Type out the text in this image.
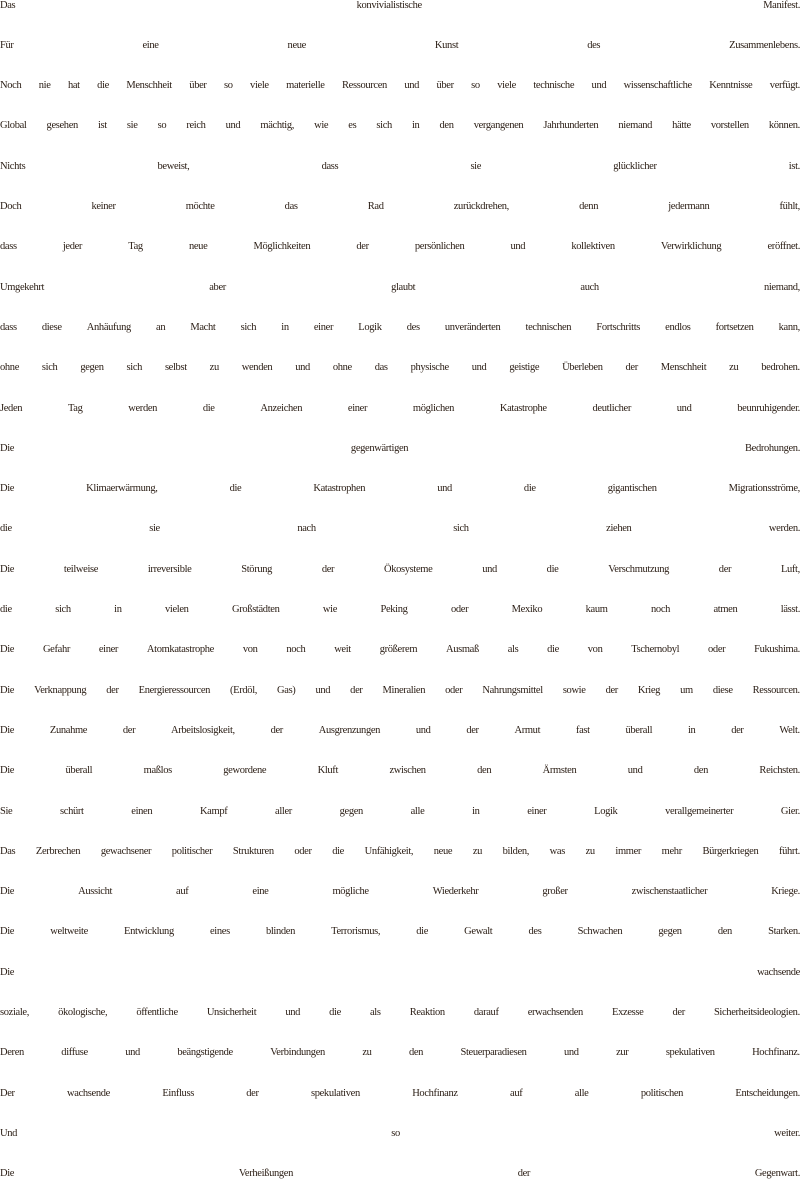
Das	konvivialistische	Manifest.
Für	eine	neue	Kunst	des	Zusammenlebens.
Noch nie hat die Menschheit über so viele materielle Ressourcen und über so viele technische und wissenschaftliche Kenntnisse verfügt.
Global gesehen ist sie so reich und mächtig, wie es sich in den vergangenen Jahrhunderten niemand hätte vorstellen können.
Nichts	beweist,	dass	sie	glücklicher	ist.
Doch	keiner	möchte	das	Rad	zurückdrehen,	denn	jedermann	fühlt,
dass	jeder	Tag	neue	Möglichkeiten	der	persönlichen	und	kollektiven	Verwirklichung	eröffnet.
Umgekehrt	aber	glaubt	auch	niemand,
dass diese Anhäufung an Macht sich in einer Logik des unveränderten technischen Fortschritts endlos fortsetzen kann,
ohne sich gegen sich selbst zu wenden und ohne das physische und geistige Überleben der Menschheit zu bedrohen.
Jeden	Tag	werden	die	Anzeichen	einer	möglichen	Katastrophe	deutlicher	und	beunruhigender.
Die	gegenwärtigen	Bedrohungen.
Die	Klimaerwärmung,	die	Katastrophen	und	die	gigantischen	Migrationsströme,
die	sie	nach	sich	ziehen	werden.
Die	teilweise	irreversible	Störung	der	Ökosysteme	und	die	Verschmutzung	der	Luft,
die	sich	in	vielen	Großstädten	wie	Peking	oder	Mexiko	kaum	noch	atmen	lässt.
Die	Gefahr	einer	Atomkatastrophe	von	noch	weit	größerem	Ausmaß	als	die	von	Tschernobyl	oder	Fukushima.
Die Verknappung der Energieressourcen (Erdöl, Gas) und der Mineralien oder Nahrungsmittel sowie der Krieg um diese Ressourcen.
Die	Zunahme	der	Arbeitslosigkeit,	der	Ausgrenzungen	und	der	Armut	fast	überall	in	der	Welt.
Die	überall	maßlos	gewordene	Kluft	zwischen	den	Ärmsten	und	den	Reichsten.
Sie	schürt	einen	Kampf	aller	gegen	alle	in	einer	Logik	verallgemeinerter	Gier.
Das Zerbrechen gewachsener politischer Strukturen oder die Unfähigkeit, neue zu bilden, was zu immer mehr Bürgerkriegen führt.
Die	Aussicht	auf	eine	mögliche	Wiederkehr	großer	zwischenstaatlicher	Kriege.
Die	weltweite	Entwicklung	eines	blinden	Terrorismus,	die	Gewalt	des	Schwachen	gegen	den	Starken.
Die	wachsende
soziale,	ökologische,	öffentliche	Unsicherheit	und	die	als	Reaktion	darauf	erwachsenden	Exzesse	der	Sicherheitsideologien.
Deren	diffuse	und	beängstigende	Verbindungen	zu	den	Steuerparadiesen	und	zur	spekulativen	Hochfinanz.
Der	wachsende	Einfluss	der	spekulativen	Hochfinanz	auf	alle	politischen	Entscheidungen.
Und	so	weiter.
Die	Verheißungen	der	Gegenwart.
